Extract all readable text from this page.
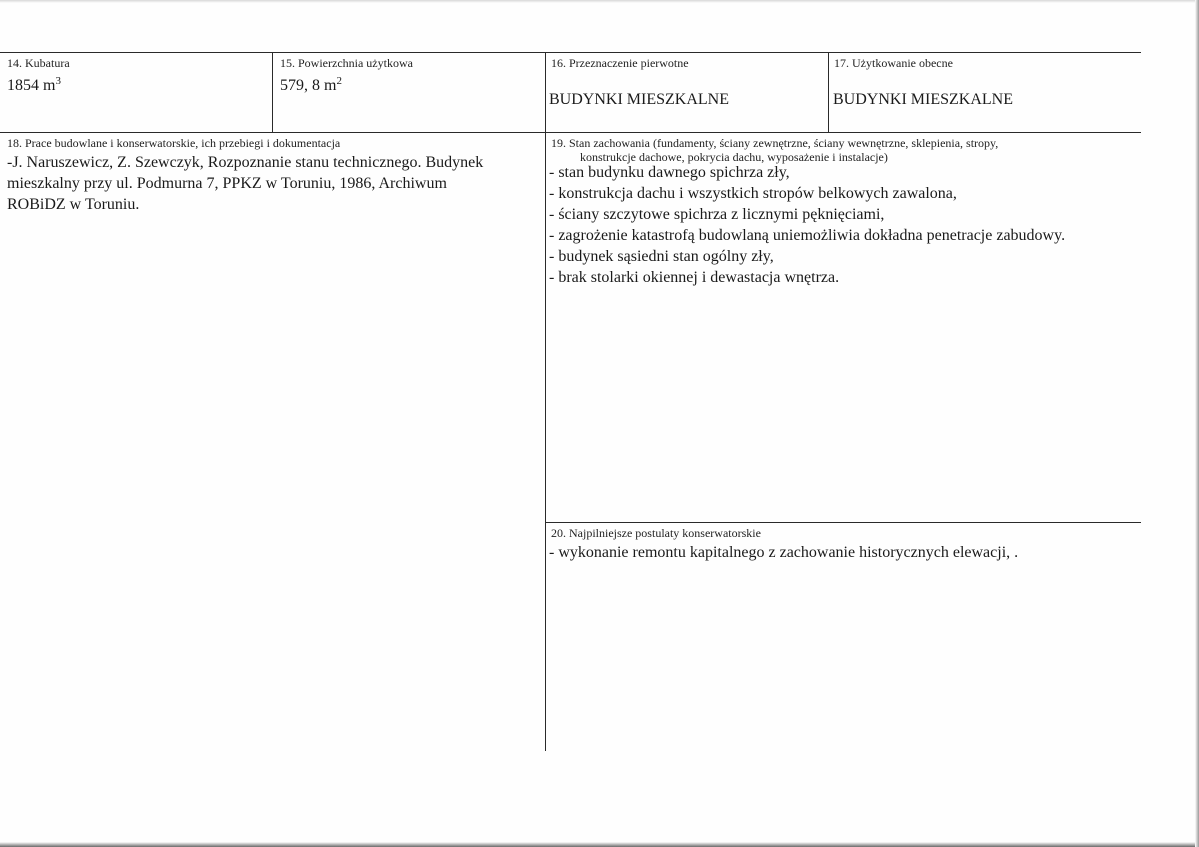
14. Kubatura
1854 $m^3$
15. Powierzchnia użytkowa
579, 8 $m^2$
16. Przeznaczenie pierwotne
BUDYNKI MIESZKALNE
17. Użytkowanie obecne
BUDYNKI MIESZKALNE
18. Prace budowlane i konserwatorskie, ich przebiegi i dokumentacja
-J. Naruszewicz, Z. Szewczyk, Rozpoznanie stanu technicznego. Budynek
mieszkalny przy ul. Podmurna 7, PPKZ w Toruniu, 1986, Archiwum
ROBiDZ w Toruniu.
19. Stan zachowania (fundamenty, ściany zewnętrzne, ściany wewnętrzne, sklepienia, stropy,
konstrukcje dachowe, pokrycia dachu, wyposażenie i instalacje)
- stan budynku dawnego spichrza zły,
- konstrukcja dachu i wszystkich stropów belkowych zawalona,
- ściany szczytowe spichrza z licznymi pęknięciami,
- zagrożenie katastrofą budowlaną uniemożliwia dokładna penetracje zabudowy.
- budynek sąsiedni stan ogólny zły,
- brak stolarki okiennej i dewastacja wnętrza.
20. Najpilniejsze postulaty konserwatorskie
- wykonanie remontu kapitalnego z zachowanie historycznych elewacji, .
